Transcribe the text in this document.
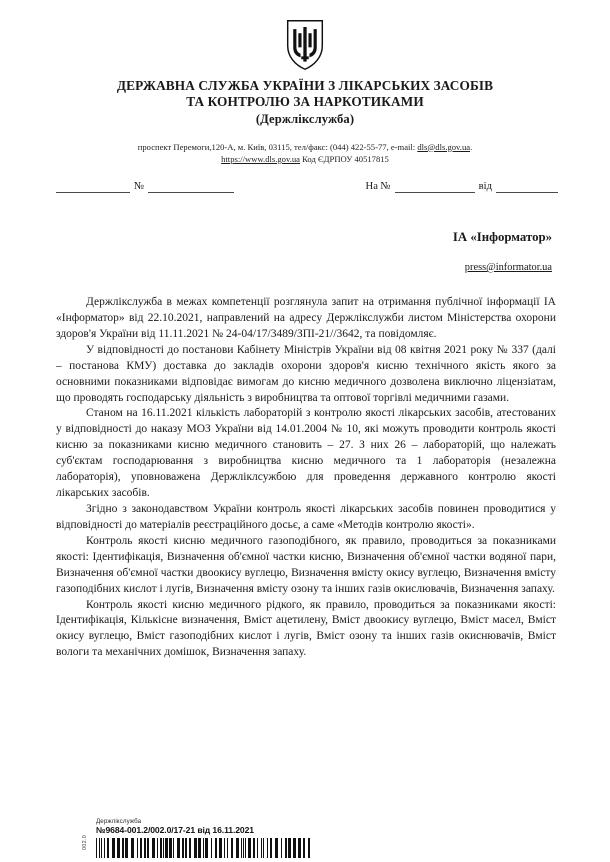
ДЕРЖАВНА СЛУЖБА УКРАЇНИ З ЛІКАРСЬКИХ ЗАСОБІВ
ТА КОНТРОЛЮ ЗА НАРКОТИКАМИ
(Держлікслужба)
проспект Перемоги,120-А, м. Київ, 03115, тел/факс: (044) 422-55-77, e-mail: dls@dls.gov.ua.
https://www.dls.gov.ua Код ЄДРПОУ 40517815
№	На №	від
ІА «Інформатор»
press@informator.ua

Держлікслужба в межах компетенції розглянула запит на отримання публічної інформації ІА «Інформатор» від 22.10.2021, направлений на адресу Держлікслужби листом Міністерства охорони здоров'я України від 11.11.2021 № 24-04/17/3489/ЗПІ-21//3642, та повідомляє.

У відповідності до постанови Кабінету Міністрів України від 08 квітня 2021 року № 337 (далі – постанова КМУ) доставка до закладів охорони здоров'я кисню технічного якість якого за основними показниками відповідає вимогам до кисню медичного дозволена виключно ліцензіатам, що проводять господарську діяльність з виробництва та оптової торгівлі медичними газами.

Станом на 16.11.2021 кількість лабораторій з контролю якості лікарських засобів, атестованих у відповідності до наказу МОЗ України від 14.01.2004 № 10, які можуть проводити контроль якості кисню за показниками кисню медичного становить – 27. З них 26 – лабораторій, що належать суб'єктам господарювання з виробництва кисню медичного та 1 лабораторія (незалежна лабораторія), уповноважена Держліклсужбою для проведення державного контролю якості лікарських засобів.

Згідно з законодавством України контроль якості лікарських засобів повинен проводитися у відповідності до матеріалів реєстраційного досьє, а саме «Методів контролю якості».

Контроль якості кисню медичного газоподібного, як правило, проводиться за показниками якості: Ідентифікація, Визначення об'ємної частки кисню, Визначення об'ємної частки водяної пари, Визначення об'ємної частки двоокису вуглецю, Визначення вмісту окису вуглецю, Визначення вмісту газоподібних кислот і лугів, Визначення вмісту озону та інших газів окислювачів, Визначення запаху.

Контроль якості кисню медичного рідкого, як правило, проводиться за показниками якості: Ідентифікація, Кількісне визначення, Вміст ацетилену, Вміст двоокису вуглецю, Вміст масел, Вміст окису вуглецю, Вміст газоподібних кислот і лугів, Вміст озону та інших газів окиснювачів, Вміст вологи та механічних домішок, Визначення запаху.

002.0
Держлікслужба
№9684-001.2/002.0/17-21 від 16.11.2021
